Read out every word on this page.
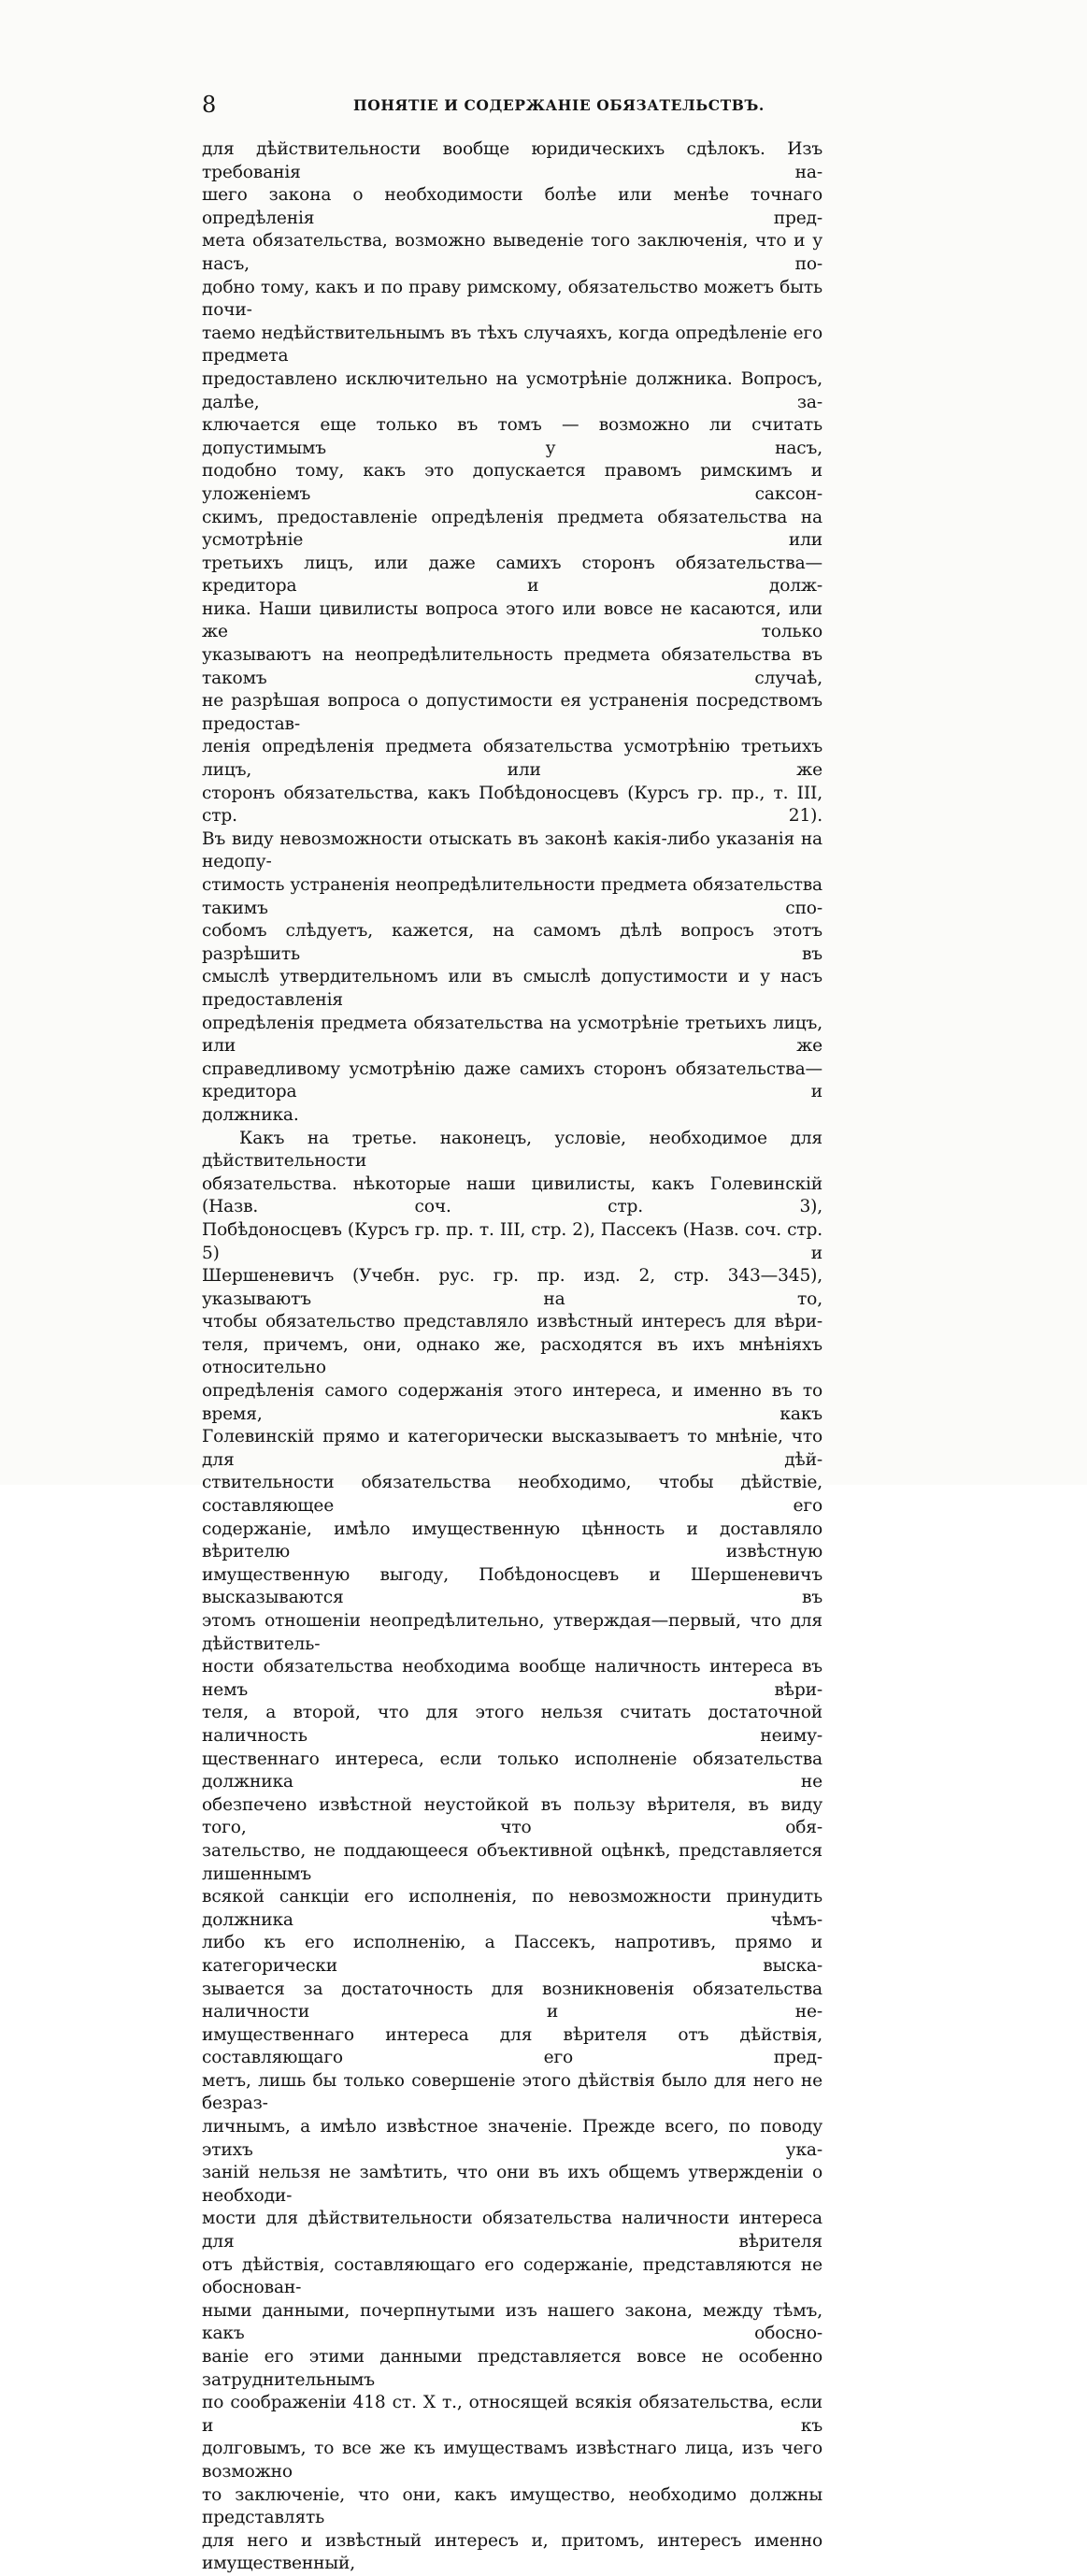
8	ПОНЯТІЕ И СОДЕРЖАНІЕ ОБЯЗАТЕЛЬСТВЪ.

для дѣйствительности вообще юридическихъ сдѣлокъ. Изъ требованія на-

шего закона о необходимости болѣе или менѣе точнаго опредѣленія пред-

мета обязательства, возможно выведеніе того заключенія, что и у насъ, по-

добно тому, какъ и по праву римскому, обязательство можетъ быть почи-

таемо недѣйствительнымъ въ тѣхъ случаяхъ, когда опредѣленіе его предмета

предоставлено исключительно на усмотрѣніе должника. Вопросъ, далѣе, за-

ключается еще только въ томъ — возможно ли считать допустимымъ у насъ,

подобно тому, какъ это допускается правомъ римскимъ и уложеніемъ саксон-

скимъ, предоставленіе опредѣленія предмета обязательства на усмотрѣніе или

третьихъ лицъ, или даже самихъ сторонъ обязательства—кредитора и долж-

ника. Наши цивилисты вопроса этого или вовсе не касаются, или же только

указываютъ на неопредѣлительность предмета обязательства въ такомъ случаѣ,

не разрѣшая вопроса о допустимости ея устраненія посредствомъ предостав-

ленія опредѣленія предмета обязательства усмотрѣнію третьихъ лицъ, или же

сторонъ обязательства, какъ Побѣдоносцевъ (Курсъ гр. пр., т. III, стр. 21).

Въ виду невозможности отыскать въ законѣ какія-либо указанія на недопу-

стимость устраненія неопредѣлительности предмета обязательства такимъ спо-

собомъ слѣдуетъ, кажется, на самомъ дѣлѣ вопросъ этотъ разрѣшить въ

смыслѣ утвердительномъ или въ смыслѣ допустимости и у насъ предоставленія

опредѣленія предмета обязательства на усмотрѣніе третьихъ лицъ, или же

справедливому усмотрѣнію даже самихъ сторонъ обязательства—кредитора и

должника.

Какъ на третье. наконецъ, условіе, необходимое для дѣйствительности

обязательства. нѣкоторые наши цивилисты, какъ Голевинскій (Назв. соч. стр. 3),

Побѣдоносцевъ (Курсъ гр. пр. т. III, стр. 2), Пассекъ (Назв. соч. стр. 5) и

Шершеневичъ (Учебн. рус. гр. пр. изд. 2, стр. 343—345), указываютъ на то,

чтобы обязательство представляло извѣстный интересъ для вѣри-

теля, причемъ, они, однако же, расходятся въ ихъ мнѣніяхъ относительно

опредѣленія самого содержанія этого интереса, и именно въ то время, какъ

Голевинскій прямо и категорически высказываетъ то мнѣніе, что для дѣй-

ствительности обязательства необходимо, чтобы дѣйствіе, составляющее его

содержаніе, имѣло имущественную цѣнность и доставляло вѣрителю извѣстную

имущественную выгоду, Побѣдоносцевъ и Шершеневичъ высказываются въ

этомъ отношеніи неопредѣлительно, утверждая—первый, что для дѣйствитель-

ности обязательства необходима вообще наличность интереса въ немъ вѣри-

теля, а второй, что для этого нельзя считать достаточной наличность неиму-

щественнаго интереса, если только исполненіе обязательства должника не

обезпечено извѣстной неустойкой въ пользу вѣрителя, въ виду того, что обя-

зательство, не поддающееся объективной оцѣнкѣ, представляется лишеннымъ

всякой санкціи его исполненія, по невозможности принудить должника чѣмъ-

либо къ его исполненію, а Пассекъ, напротивъ, прямо и категорически выска-

зывается за достаточность для возникновенія обязательства наличности и не-

имущественнаго интереса для вѣрителя отъ дѣйствія, составляющаго его пред-

метъ, лишь бы только совершеніе этого дѣйствія было для него не безраз-

личнымъ, а имѣло извѣстное значеніе. Прежде всего, по поводу этихъ ука-

заній нельзя не замѣтить, что они въ ихъ общемъ утвержденіи о необходи-

мости для дѣйствительности обязательства наличности интереса для вѣрителя

отъ дѣйствія, составляющаго его содержаніе, представляются не обоснован-

ными данными, почерпнутыми изъ нашего закона, между тѣмъ, какъ обосно-

ваніе его этими данными представляется вовсе не особенно затруднительнымъ

по соображеніи 418 ст. X т., относящей всякія обязательства, если и къ

долговымъ, то все же къ имуществамъ извѣстнаго лица, изъ чего возможно

то заключеніе, что они, какъ имущество, необходимо должны представлять

для него и извѣстный интересъ и, притомъ, интересъ именно имущественный,
